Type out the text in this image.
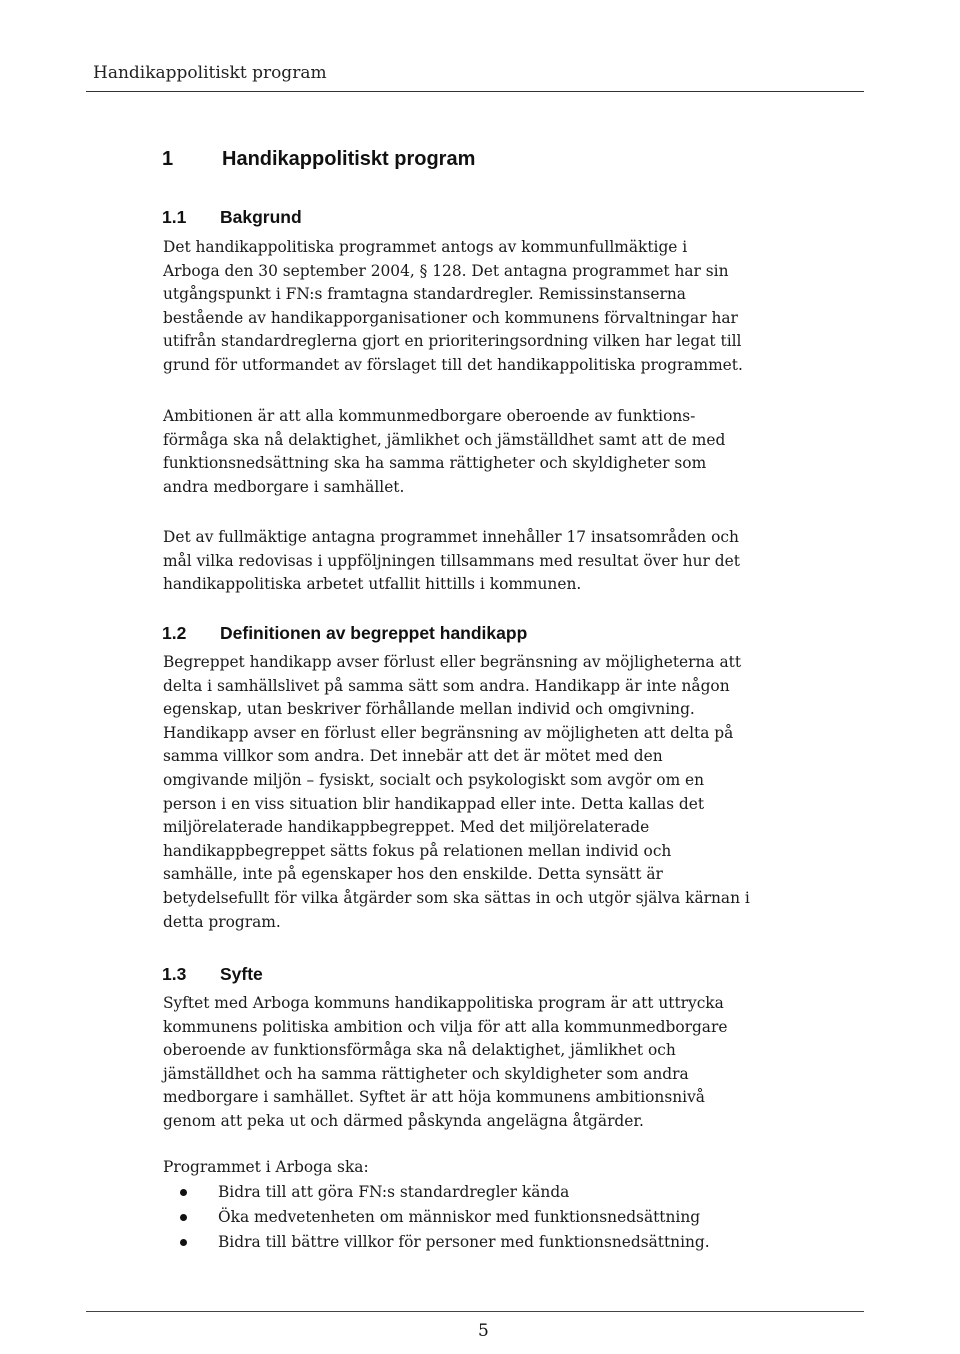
Handikappolitiskt program
1 Handikappolitiskt program
1.1 Bakgrund

Det handikappolitiska programmet antogs av kommunfullmäktige i
Arboga den 30 september 2004, § 128. Det antagna programmet har sin
utgångspunkt i FN:s framtagna standardregler. Remissinstanserna
bestående av handikapporganisationer och kommunens förvaltningar har
utifrån standardreglerna gjort en prioriteringsordning vilken har legat till
grund för utformandet av förslaget till det handikappolitiska programmet.

Ambitionen är att alla kommunmedborgare oberoende av funktions-
förmåga ska nå delaktighet, jämlikhet och jämställdhet samt att de med
funktionsnedsättning ska ha samma rättigheter och skyldigheter som
andra medborgare i samhället.

Det av fullmäktige antagna programmet innehåller 17 insatsområden och
mål vilka redovisas i uppföljningen tillsammans med resultat över hur det
handikappolitiska arbetet utfallit hittills i kommunen.

1.2 Definitionen av begreppet handikapp

Begreppet handikapp avser förlust eller begränsning av möjligheterna att
delta i samhällslivet på samma sätt som andra. Handikapp är inte någon
egenskap, utan beskriver förhållande mellan individ och omgivning.
Handikapp avser en förlust eller begränsning av möjligheten att delta på
samma villkor som andra. Det innebär att det är mötet med den
omgivande miljön – fysiskt, socialt och psykologiskt som avgör om en
person i en viss situation blir handikappad eller inte. Detta kallas det
miljörelaterade handikappbegreppet. Med det miljörelaterade
handikappbegreppet sätts fokus på relationen mellan individ och
samhälle, inte på egenskaper hos den enskilde. Detta synsätt är
betydelsefullt för vilka åtgärder som ska sättas in och utgör själva kärnan i
detta program.

1.3 Syfte

Syftet med Arboga kommuns handikappolitiska program är att uttrycka
kommunens politiska ambition och vilja för att alla kommunmedborgare
oberoende av funktionsförmåga ska nå delaktighet, jämlikhet och
jämställdhet och ha samma rättigheter och skyldigheter som andra
medborgare i samhället. Syftet är att höja kommunens ambitionsnivå
genom att peka ut och därmed påskynda angelägna åtgärder.

Programmet i Arboga ska:

Bidra till att göra FN:s standardregler kända
Öka medvetenheten om människor med funktionsnedsättning
Bidra till bättre villkor för personer med funktionsnedsättning.
5
